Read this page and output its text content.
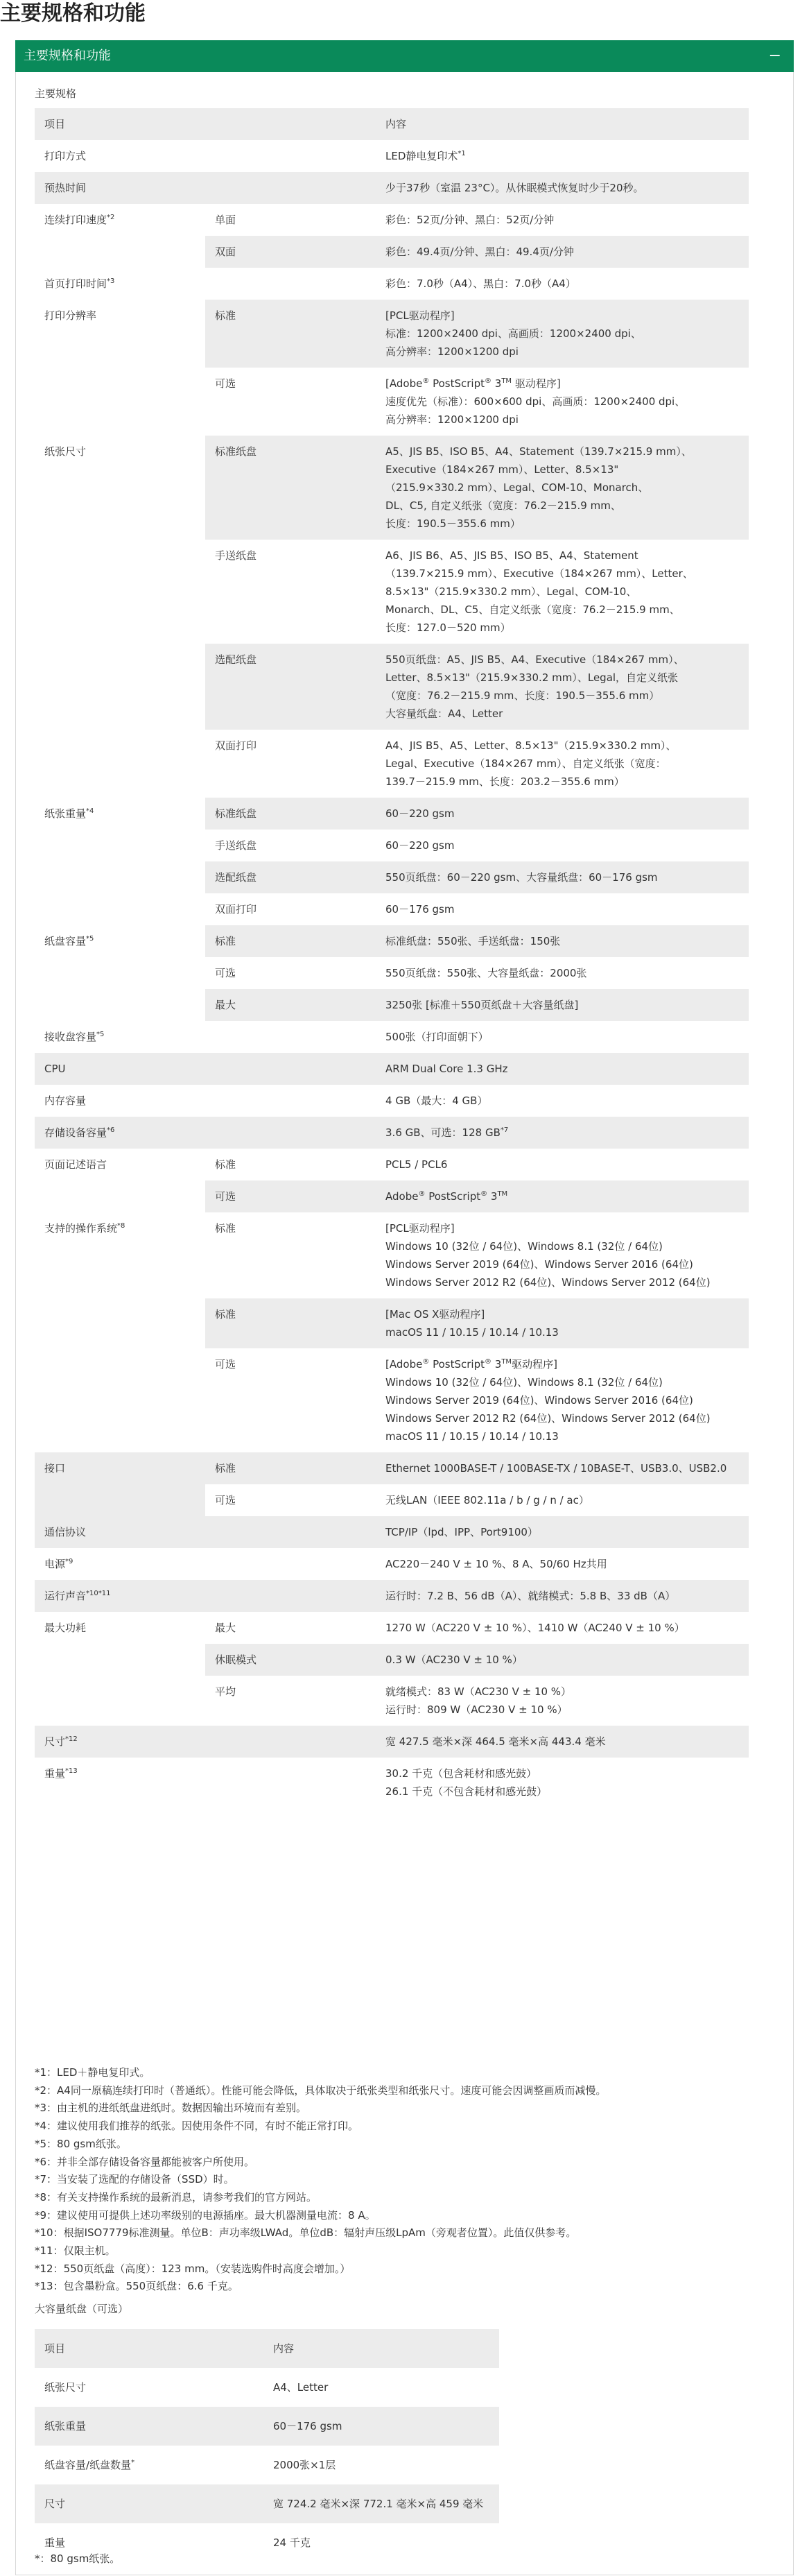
主要规格和功能
主要规格和功能	−
主要规格
项目		内容
打印方式		LED静电复印术$^{*1}$
预热时间		少于37秒（室温 23°C）。从休眠模式恢复时少于20秒。
连续打印速度$^{*2}$	单面	彩色：52页/分钟、黑白：52页/分钟
	双面	彩色：49.4页/分钟、黑白：49.4页/分钟
首页打印时间$^{*3}$		彩色：7.0秒（A4）、黑白：7.0秒（A4）
打印分辨率	标准	[PCL驱动程序]
标准：1200×2400 dpi、高画质：1200×2400 dpi、
高分辨率：1200×1200 dpi

	可选	[Adobe® PostScript® 3™ 驱动程序]
速度优先（标准）：600×600 dpi、高画质：1200×2400 dpi、
高分辨率：1200×1200 dpi

纸张尺寸	标准纸盘	A5、JIS B5、ISO B5、A4、Statement（139.7×215.9 mm）、
Executive（184×267 mm）、Letter、8.5×13"
（215.9×330.2 mm）、Legal、COM-10、Monarch、
DL、C5, 自定义纸张（宽度：76.2－215.9 mm、
长度：190.5－355.6 mm）

	手送纸盘	A6、JIS B6、A5、JIS B5、ISO B5、A4、Statement
（139.7×215.9 mm）、Executive（184×267 mm）、Letter、
8.5×13"（215.9×330.2 mm）、Legal、COM-10、
Monarch、DL、C5、自定义纸张（宽度：76.2－215.9 mm、
长度：127.0－520 mm）

	选配纸盘	550页纸盘：A5、JIS B5、A4、Executive（184×267 mm）、
Letter、8.5×13"（215.9×330.2 mm）、Legal，自定义纸张
（宽度：76.2－215.9 mm、长度：190.5－355.6 mm）
大容量纸盘：A4、Letter

	双面打印	A4、JIS B5、A5、Letter、8.5×13"（215.9×330.2 mm）、
Legal、Executive（184×267 mm）、自定义纸张（宽度：
139.7－215.9 mm、长度：203.2－355.6 mm）

纸张重量$^{*4}$	标准纸盘	60－220 gsm
	手送纸盘	60－220 gsm
	选配纸盘	550页纸盘：60－220 gsm、大容量纸盘：60－176 gsm
	双面打印	60－176 gsm
纸盘容量$^{*5}$	标准	标准纸盘：550张、手送纸盘：150张
	可选	550页纸盘：550张、大容量纸盘：2000张
	最大	3250张 [标准＋550页纸盘＋大容量纸盘]
接收盘容量$^{*5}$		500张（打印面朝下）
CPU		ARM Dual Core 1.3 GHz
内存容量		4 GB（最大：4 GB）
存储设备容量$^{*6}$		3.6 GB、可选：128 GB$^{*7}$
页面记述语言	标准	PCL5 / PCL6
	可选	Adobe® PostScript® 3™
支持的操作系统$^{*8}$	标准	[PCL驱动程序]
Windows 10 (32位 / 64位)、Windows 8.1 (32位 / 64位)
Windows Server 2019 (64位)、Windows Server 2016 (64位)
Windows Server 2012 R2 (64位)、Windows Server 2012 (64位)

	标准	[Mac OS X驱动程序]
macOS 11 / 10.15 / 10.14 / 10.13

	可选	[Adobe® PostScript® 3™驱动程序]
Windows 10 (32位 / 64位)、Windows 8.1 (32位 / 64位)
Windows Server 2019 (64位)、Windows Server 2016 (64位)
Windows Server 2012 R2 (64位)、Windows Server 2012 (64位)
macOS 11 / 10.15 / 10.14 / 10.13

接口	标准	Ethernet 1000BASE-T / 100BASE-TX / 10BASE-T、USB3.0、USB2.0
	可选	无线LAN（IEEE 802.11a / b / g / n / ac）
通信协议		TCP/IP（lpd、IPP、Port9100）
电源$^{*9}$		AC220－240 V ± 10 %、8 A、50/60 Hz共用
运行声音$^{*10*11}$		运行时：7.2 B、56 dB（A）、就绪模式：5.8 B、33 dB（A）
最大功耗	最大	1270 W（AC220 V ± 10 %）、1410 W（AC240 V ± 10 %）
	休眠模式	0.3 W（AC230 V ± 10 %）
	平均	就绪模式：83 W（AC230 V ± 10 %）
运行时：809 W（AC230 V ± 10 %）

尺寸$^{*12}$		宽 427.5 毫米×深 464.5 毫米×高 443.4 毫米
重量$^{*13}$		30.2 千克（包含耗材和感光鼓）
26.1 千克（不包含耗材和感光鼓）
*1：LED＋静电复印式。
*2：A4同一原稿连续打印时（普通纸）。性能可能会降低，具体取决于纸张类型和纸张尺寸。速度可能会因调整画质而减慢。
*3：由主机的进纸纸盘进纸时。数据因输出环境而有差别。
*4：建议使用我们推荐的纸张。因使用条件不同，有时不能正常打印。
*5：80 gsm纸张。
*6：并非全部存储设备容量都能被客户所使用。
*7：当安装了选配的存储设备（SSD）时。
*8：有关支持操作系统的最新消息，请参考我们的官方网站。
*9：建议使用可提供上述功率级别的电源插座。最大机器测量电流：8 A。
*10：根据ISO7779标准测量。单位B：声功率级LWAd。单位dB：辐射声压级LpAm（旁观者位置）。此值仅供参考。
*11：仅限主机。
*12：550页纸盘（高度）：123 mm。（安装选购件时高度会增加。）
*13：包含墨粉盒。550页纸盘：6.6 千克。
大容量纸盘（可选）
项目	内容
纸张尺寸	A4、Letter
纸张重量	60－176 gsm
纸盘容量/纸盘数量*	2000张×1层
尺寸	宽 724.2 毫米×深 772.1 毫米×高 459 毫米
重量	24 千克
*：80 gsm纸张。
